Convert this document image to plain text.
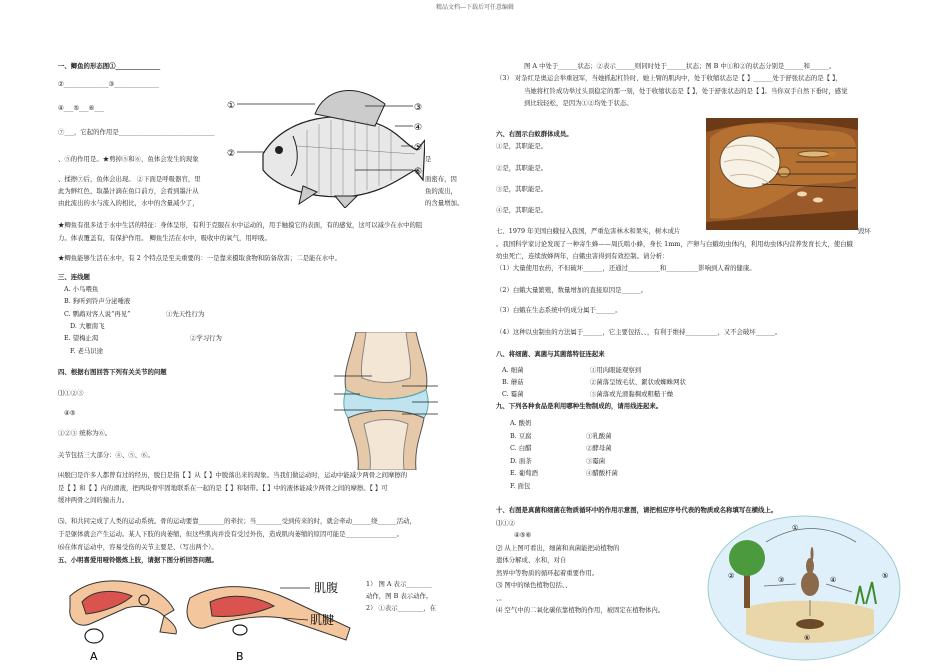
精品文档---下载后可任意编辑
一、鲫鱼的形态图①______________
②______________③______________
④___⑤___⑥___
⑦___，它起的作用是______________________________
、⑤的作用是。★剪掉⑤和⑥，鱼体会发生的现象	是
、揉擦⑦后，鱼体会出现。 ②下面是呼吸器官，里	面密布，因
此为鲜红色，取墨汁滴在鱼口前方，会看到墨汁从	鱼的流出，
由此流出的水与流入的相比，水中的含量减少了，	的含量增加。
★鲫鱼有很多适于水中生活的特征：身体呈形，有利于克服在水中运动的，用手触摸它的表面，有的感觉，这可以减少在水中的阻
力。体表覆盖有，有保护作用。 鲫鱼生活在水中，吸收中的氧气，用呼吸。
★鲫鱼能够生活在水中，有 2 个特点是至关重要的：一是靠来摄取食物和防备敌害；二是能在水中。
①
②
③
④
⑤
⑥
三、连线题
A. 小鸟喂鱼
B. 狗听到铃声分泌唾液
C. 鹦鹉对客人说“再见”	①先天性行为
D. 大雁南飞
E. 望梅止渴	②学习行为
F. 老马识途
四、根据右图回答下列有关关节的问题
⑴①②③
④⑤
①②③ 统称为⑥。
关节包括三大部分：④、⑤、⑥。
⑷脱臼是许多人都曾有过的经历，脱臼是指【 】从【 】中脱落出来的现象。当我们做运动时，运动中能减少两骨之间摩擦的
是【 】和【 】内的滑液，把两块骨牢固地联系在一起的是【 】和韧带。【 】中的液体能减少两骨之间的摩擦。【 】可
缓冲两骨之间的撞击力。
⑸、和共同完成了人类的运动系统。骨的运动要靠________的牵拉；当________受到传来的时，就会牵动______绕______活动，
于是躯体就会产生运动。某人下肢的肉萎缩，但这些肌肉并没有受过外伤，造成肌肉萎缩的原因可能是________________。
⑹在体育运动中，容易受伤的关节主要是、（写出两个）。
五、小明喜爱用哑铃锻炼上肢，请据下图分析回答问题。
A	B
肌腹
肌腱
1） 图 A 表示________
动作，图 B 表示动作。
2） ①表示________，在
图 A 中处于______状态；②表示______则同时处于______状态；图 B 中①和②的状态分别是______和______。
（3） 对杂红是奥运会举重冠军，当她抓起杠铃时，她上臂的肌肉中，处于收缩状态是【 】______处于舒张状态的是【 】，
当她将杠铃成功举过头顶稳定的那一刻，处于收缩状态是【 】，处于舒张状态的是【 】。当你双手自然下垂时，感觉
到比较轻松，是因为①②均处于状态。
六、右图示白蚁群体成员。
①是，其职能是。
②是，其职能是。
③是，其职能是。
④是，其职能是。
七、1979 年美国白蛾侵入我国，严重危害林木和果实，树木成片	毁坏
。我国科学家讨论发现了一种寄生蜂——周氏啮小蜂，身长 1mm，产卵与白蛾幼虫体内，利用幼虫体内营养发育长大，使白蛾
幼虫死亡，连续放蜂两年，白蛾虫害得到有效控制。请分析：
（1）大量使用农药，不但破坏______，还通过__________和__________影响到人着的健康。
（2）白蛾大量繁殖，数量增加的直接原因是______。
（3）白蛾在生态系统中的成分属于______。
（4）这种以虫制虫的方法属于______，它主要包括、、，有利于维持__________，又不会破坏______。
八、将细菌、真菌与其菌落特征连起来
A. 细菌	①用肉眼能观察到
B. 蘑菇	②菌落呈绒毛状、絮状或蜘蛛网状
C. 霉菌	③菌落或光滑黏稠或粗糙干燥
九、下列各种食品是利用哪种生物制成的，请用线连起来。
A. 酸奶
B. 豆腐	①乳酸菌
C. 白醋	②酵母菌
D. 面茶	③霉菌
E. 葡萄酒	④醋酸杆菌
F. 面包
十、右图是真菌和细菌在物质循环中的作用示意图，请把相应序号代表的物质或名称填写在横线上。
⑴①②
④⑤⑥
⑵ 从上图可看出，细菌和真菌能把动植物的
遗体分解成、水和，对自
然界中等物质的循环起着重要作用。
⑶ 图中的绿色植物包括、、
、。
⑷ 空气中的二氧化碳依靠植物的作用，被固定在植物体内。
①
②	③	④	⑤
⑥
